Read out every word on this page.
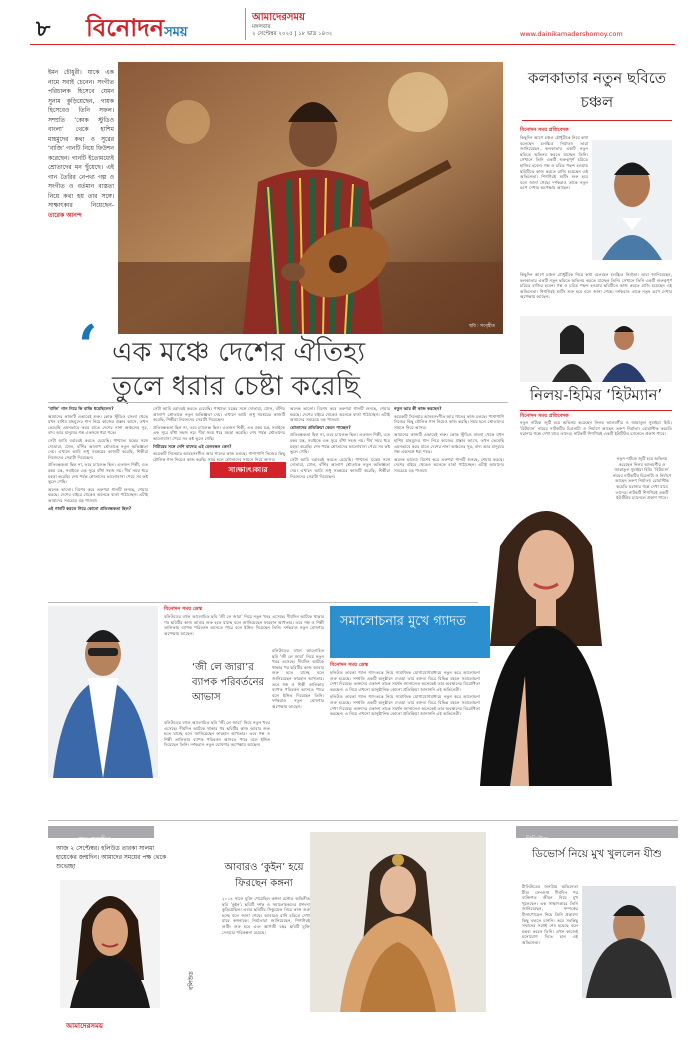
৮ বিনোদনসময়
আমাদেরসময়
মঙ্গলবার
২ সেপ্টেম্বর ২০২৫ | ১৮ ভাদ্র ১৪৩২	www.dainikamadershomoy.com
ইমন চৌধুরী। যাকে এক নামে সবাই চেনেন। সংগীত পরিচালক হিসেবে যেমন সুনাম কুড়িয়েছেন, গায়ক হিসেবেও তিনি সফল। সম্প্রতি ‘কোক স্টুডিও বাংলা’ থেকে হাশিম মাহমুদের কথা ও সুরের ‘বাজি’ গানটি নিয়ে ফিউশন করেছেন। গানটি ইতোমধ্যেই শ্রোতাদের মন ছুঁয়েছে। এই গান তৈরির নেপথ্য গল্প ও সংগীত ও বর্তমান ব্যস্ততা নিয়ে কথা হয় তার সঙ্গে। সাক্ষাৎকার নিয়েছেন- তারেক আনন্দ
ছবি : সংগৃহীত
‘ এক মঞ্চে দেশের ঐতিহ্য
তুলে ধরার চেষ্টা করেছি

‘বাজি’ গান নিয়ে কি বাজি ধরেছিলেন?

আমাদের কাজটি এভাবেই শুরু। কোক স্টুডিও বাংলা থেকে যখন হাশিম মাহমুদের গান নিয়ে কাজের প্রস্তাব আসে, তখন ভেবেছি এমনভাবে করব যাতে দেশের নানা অঞ্চলের সুর, বাদ্য আর মানুষের গল্প একসঙ্গে ধরা পড়ে।

সেটা আমি বরাবরই করতে চেয়েছি। পাশ্চাত্য যন্ত্রের সঙ্গে দোতারা, ঢোল, বাঁশির আলাপ শ্রোতাকে নতুন অভিজ্ঞতা দেয়। এখানে আমি শুধু সমন্বয়ের কাজটি করেছি, শিল্পীরা নিজেদের সেরাটা দিয়েছেন।

প্রতিবন্ধকতা ছিল না, তবে চ্যালেঞ্জ ছিল। এতজন শিল্পী, এত রকম যন্ত্র, সবাইকে এক সুরে বাঁধা সহজ নয়। দীর্ঘ সময় ধরে মহড়া করেছি। শেষ পর্যন্ত শ্রোতাদের ভালোবাসা পেয়ে সব কষ্ট ভুলে গেছি।

অনেক ভালো। বিশেষ করে তরুণরা গানটি শুনছে, শেয়ার করছে। দেশের বাইরে থেকেও অনেকে বার্তা পাঠাচ্ছেন। এটাই আমাদের সবচেয়ে বড় পাওয়া।

এই গানটি করতে গিয়ে কোনো প্রতিবন্ধকতা ছিল?

সেটা আমি বরাবরই করতে চেয়েছি। পাশ্চাত্য যন্ত্রের সঙ্গে দোতারা, ঢোল, বাঁশির আলাপ শ্রোতাকে নতুন অভিজ্ঞতা দেয়। এখানে আমি শুধু সমন্বয়ের কাজটি করেছি, শিল্পীরা নিজেদের সেরাটা দিয়েছেন।

প্রতিবন্ধকতা ছিল না, তবে চ্যালেঞ্জ ছিল। এতজন শিল্পী, এত রকম যন্ত্র, সবাইকে এক সুরে বাঁধা সহজ নয়। দীর্ঘ সময় ধরে মহড়া করেছি। শেষ পর্যন্ত শ্রোতাদের ভালোবাসা পেয়ে সব কষ্ট ভুলে গেছি।

গিটারের সঙ্গে দেশি বাদ্যের এই মেলবন্ধন কেন?

কয়েকটি সিনেমার আবহসংগীত আর গানের কাজ চলছে। পাশাপাশি নিজের কিছু মৌলিক গান নিয়েও কাজ করছি। সময় হলে শ্রোতাদের সামনে নিয়ে আসব।

সা।ক্ষা।ৎ।কা।র

অনেক ভালো। বিশেষ করে তরুণরা গানটি শুনছে, শেয়ার করছে। দেশের বাইরে থেকেও অনেকে বার্তা পাঠাচ্ছেন। এটাই আমাদের সবচেয়ে বড় পাওয়া।

শ্রোতাদের প্রতিক্রিয়া কেমন পাচ্ছেন?

প্রতিবন্ধকতা ছিল না, তবে চ্যালেঞ্জ ছিল। এতজন শিল্পী, এত রকম যন্ত্র, সবাইকে এক সুরে বাঁধা সহজ নয়। দীর্ঘ সময় ধরে মহড়া করেছি। শেষ পর্যন্ত শ্রোতাদের ভালোবাসা পেয়ে সব কষ্ট ভুলে গেছি।

সেটা আমি বরাবরই করতে চেয়েছি। পাশ্চাত্য যন্ত্রের সঙ্গে দোতারা, ঢোল, বাঁশির আলাপ শ্রোতাকে নতুন অভিজ্ঞতা দেয়। এখানে আমি শুধু সমন্বয়ের কাজটি করেছি, শিল্পীরা নিজেদের সেরাটা দিয়েছেন।

নতুন আর কী কাজ করছেন?

কয়েকটি সিনেমার আবহসংগীত আর গানের কাজ চলছে। পাশাপাশি নিজের কিছু মৌলিক গান নিয়েও কাজ করছি। সময় হলে শ্রোতাদের সামনে নিয়ে আসব।

আমাদের কাজটি এভাবেই শুরু। কোক স্টুডিও বাংলা থেকে যখন হাশিম মাহমুদের গান নিয়ে কাজের প্রস্তাব আসে, তখন ভেবেছি এমনভাবে করব যাতে দেশের নানা অঞ্চলের সুর, বাদ্য আর মানুষের গল্প একসঙ্গে ধরা পড়ে।

অনেক ভালো। বিশেষ করে তরুণরা গানটি শুনছে, শেয়ার করছে। দেশের বাইরে থেকেও অনেকে বার্তা পাঠাচ্ছেন। এটাই আমাদের সবচেয়ে বড় পাওয়া।

কলকাতার নতুন ছবিতে চঞ্চল
বিনোদন সময় প্রতিবেদক
কিছুদিন আগে চঞ্চল চৌধুরীকে নিয়ে কথা বলেছেন চলচ্চিত্র নির্মাতা। তারা জানিয়েছেন, কলকাতার একটি নতুন ছবিতে অভিনয় করতে যাচ্ছেন তিনি। সেখানে তিনি একটি গুরুত্বপূর্ণ চরিত্রে হাজির হবেন। গল্প ও চরিত্র পছন্দ হওয়ায় ছবিটিতে কাজ করতে রাজি হয়েছেন এই অভিনেতা। শিগগিরই শুটিং শুরু হবে বলে জানা গেছে। দর্শকরাও তাকে নতুন রূপে দেখার অপেক্ষায় আছেন।
কিছুদিন আগে চঞ্চল চৌধুরীকে নিয়ে কথা বলেছেন চলচ্চিত্র নির্মাতা। তারা জানিয়েছেন, কলকাতার একটি নতুন ছবিতে অভিনয় করতে যাচ্ছেন তিনি। সেখানে তিনি একটি গুরুত্বপূর্ণ চরিত্রে হাজির হবেন। গল্প ও চরিত্র পছন্দ হওয়ায় ছবিটিতে কাজ করতে রাজি হয়েছেন এই অভিনেতা। শিগগিরই শুটিং শুরু হবে বলে জানা গেছে। দর্শকরাও তাকে নতুন রূপে দেখার অপেক্ষায় আছেন।
নিলয়-হিমির ‘হিটম্যান’
বিনোদন সময় প্রতিবেদক
নতুন নাটকে জুটি হয়ে অভিনয় করেছেন নিলয় আলমগীর ও জান্নাতুল সুমাইয়া হিমি। ‘হিটম্যান’ নামের নাটকটির চিত্রনাট্য ও নির্মাণে আছেন তরুণ নির্মাতা। রোমান্টিক কমেডি ঘরানার গল্পে দেখা যাবে তাদের। নাটকটি শিগগিরই একটি ইউটিউব চ্যানেলে প্রকাশ পাবে।
নতুন নাটকে জুটি হয়ে অভিনয় করেছেন নিলয় আলমগীর ও জান্নাতুল সুমাইয়া হিমি। ‘হিটম্যান’ নামের নাটকটির চিত্রনাট্য ও নির্মাণে আছেন তরুণ নির্মাতা। রোমান্টিক কমেডি ঘরানার গল্পে দেখা যাবে তাদের। নাটকটি শিগগিরই একটি ইউটিউব চ্যানেলে প্রকাশ পাবে।
সমালোচনার মুখে গ্যাদত
বিনোদন সময় ডেস্ক

হলিউড তারকা গ্যাল গ্যাদতকে নিয়ে সামাজিক যোগাযোগমাধ্যমে নতুন করে আলোচনা শুরু হয়েছে। সম্প্রতি একটি অনুষ্ঠানে দেওয়া তার বক্তব্য ঘিরে বিভিন্ন মহলে সমালোচনা দেখা দিয়েছে। ভক্তদের একাংশ তাকে সমর্থন জানালেও অনেকেই তার অবস্থানের বিরোধিতা করছেন। এ নিয়ে এখনো আনুষ্ঠানিক কোনো প্রতিক্রিয়া জানাননি এই অভিনেত্রী।

হলিউড তারকা গ্যাল গ্যাদতকে নিয়ে সামাজিক যোগাযোগমাধ্যমে নতুন করে আলোচনা শুরু হয়েছে। সম্প্রতি একটি অনুষ্ঠানে দেওয়া তার বক্তব্য ঘিরে বিভিন্ন মহলে সমালোচনা দেখা দিয়েছে। ভক্তদের একাংশ তাকে সমর্থন জানালেও অনেকেই তার অবস্থানের বিরোধিতা করছেন। এ নিয়ে এখনো আনুষ্ঠানিক কোনো প্রতিক্রিয়া জানাননি এই অভিনেত্রী।

বিনোদন সময় ডেস্ক
বলিউডের বহুল আলোচিত ছবি ‘জী লে জারা’ নিয়ে নতুন খবর এসেছে। দীর্ঘদিন আটকে থাকার পর ছবিটির কাজ আবার শুরু হতে যাচ্ছে বলে জানিয়েছেন ফারহান আখতার। তবে গল্প ও শিল্পী তালিকায় ব্যাপক পরিবর্তন আসতে পারে বলে ইঙ্গিত দিয়েছেন তিনি। দর্শকরাও নতুন ঘোষণার অপেক্ষায় আছেন।
‘জী লে জারা’র ব্যাপক পরিবর্তনের আভাস
বলিউডের বহুল আলোচিত ছবি ‘জী লে জারা’ নিয়ে নতুন খবর এসেছে। দীর্ঘদিন আটকে থাকার পর ছবিটির কাজ আবার শুরু হতে যাচ্ছে বলে জানিয়েছেন ফারহান আখতার। তবে গল্প ও শিল্পী তালিকায় ব্যাপক পরিবর্তন আসতে পারে বলে ইঙ্গিত দিয়েছেন তিনি। দর্শকরাও নতুন ঘোষণার অপেক্ষায় আছেন।
বলিউডের বহুল আলোচিত ছবি ‘জী লে জারা’ নিয়ে নতুন খবর এসেছে। দীর্ঘদিন আটকে থাকার পর ছবিটির কাজ আবার শুরু হতে যাচ্ছে বলে জানিয়েছেন ফারহান আখতার। তবে গল্প ও শিল্পী তালিকায় ব্যাপক পরিবর্তন আসতে পারে বলে ইঙ্গিত দিয়েছেন তিনি। দর্শকরাও নতুন ঘোষণার অপেক্ষায় আছেন।
শুভ জন্মদিন
আজ ২ সেপ্টেম্বর। হলিউড তারকা সালমা হায়েকের জন্মদিন। আমাদের সময়ের পক্ষ থেকে শুভেচ্ছা	আবারও ‘কুইন’ হয়ে ফিরছেন কঙ্গনা
২০১৪ সালে মুক্তি পেয়েছিল কঙ্গনা রনৌত অভিনীত ছবি ‘কুইন’। ছবিটি দর্শক ও সমালোচকদের প্রশংসা কুড়িয়েছিল। এবার ছবিটির সিক্যুয়েল নিয়ে কাজ শুরু হচ্ছে বলে জানা গেছে। আবারও রানি চরিত্রে দেখা যাবে কঙ্গনাকে। নির্মাতারা জানিয়েছেন, শিগগিরই শুটিং শুরু হবে এবং আগামী বছর ছবিটি মুক্তি দেওয়ার পরিকল্পনা রয়েছে।
বলিউড
টালিউড
ডিভোর্স নিয়ে মুখ খুললেন যীশু
টালিউডের জনপ্রিয় অভিনেতা যীশু সেনগুপ্ত দীর্ঘদিন পর ব্যক্তিগত জীবন নিয়ে মুখ খুলেছেন। এক সাক্ষাৎকারে তিনি জানিয়েছেন, সম্পর্কের টানাপোড়েন নিয়ে তিনি প্রকাশ্যে কিছু বলতে চাননি। তবে সবকিছু সম্মানের সঙ্গেই শেষ হয়েছে বলে মন্তব্য করেন তিনি। এখন কাজেই মনোযোগ দিতে চান এই অভিনেতা।
আমাদেরসময়
